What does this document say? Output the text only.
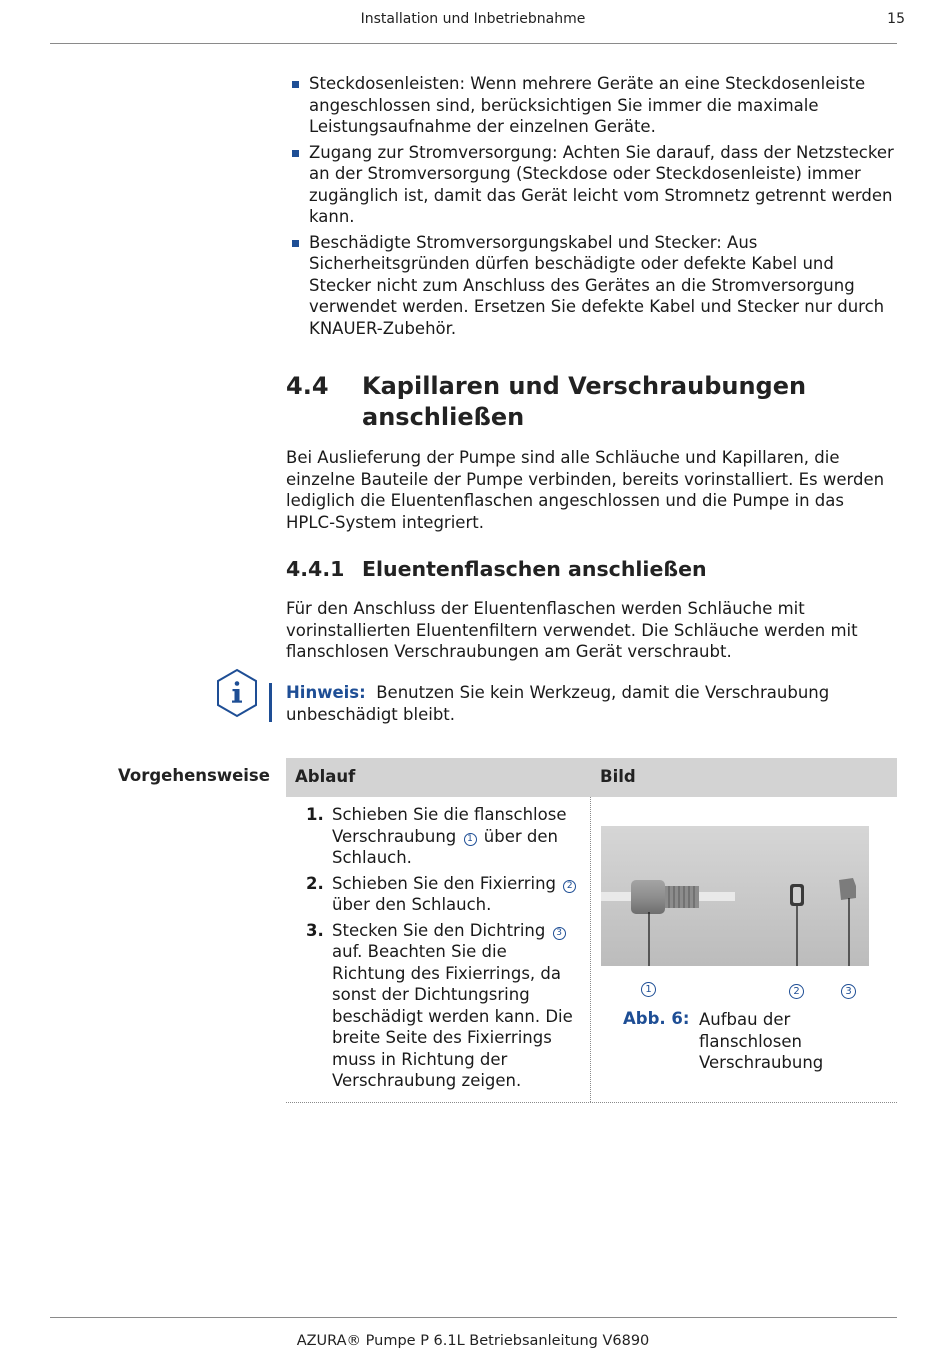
Installation und Inbetriebnahme	15
Steckdosenleisten: Wenn mehrere Geräte an eine Steckdosenleiste angeschlossen sind, berücksichtigen Sie immer die maximale Leistungsaufnahme der einzelnen Geräte.
Zugang zur Stromversorgung: Achten Sie darauf, dass der Netzstecker an der Stromversorgung (Steckdose oder Steckdosenleiste) immer zugänglich ist, damit das Gerät leicht vom Stromnetz getrennt werden kann.
Beschädigte Stromversorgungskabel und Stecker: Aus Sicherheitsgründen dürfen beschädigte oder defekte Kabel und Stecker nicht zum Anschluss des Gerätes an die Stromversorgung verwendet werden. Ersetzen Sie defekte Kabel und Stecker nur durch KNAUER-Zubehör.
4.4 Kapillaren und Verschraubungen anschließen
Bei Auslieferung der Pumpe sind alle Schläuche und Kapillaren, die einzelne Bauteile der Pumpe verbinden, bereits vorinstalliert. Es werden lediglich die Eluentenflaschen angeschlossen und die Pumpe in das HPLC-System integriert.
4.4.1 Eluentenflaschen anschließen
Für den Anschluss der Eluentenflaschen werden Schläuche mit vorinstallierten Eluentenfiltern verwendet. Die Schläuche werden mit flanschlosen Verschraubungen am Gerät verschraubt.
Hinweis: Benutzen Sie kein Werkzeug, damit die Verschraubung unbeschädigt bleibt.
Vorgehensweise Ablauf	Bild
1. Schieben Sie die flanschlose Verschraubung 1 über den Schlauch.
2. Schieben Sie den Fixierring 2 über den Schlauch.
3. Stecken Sie den Dichtring 3 auf. Beachten Sie die Richtung des Fixierrings, da sonst der Dichtungsring beschädigt werden kann. Die breite Seite des Fixierrings muss in Richtung der Verschraubung zeigen.
1	2	3
Abb. 6: Aufbau der flanschlosen Verschraubung
AZURA® Pumpe P 6.1L Betriebsanleitung V6890
